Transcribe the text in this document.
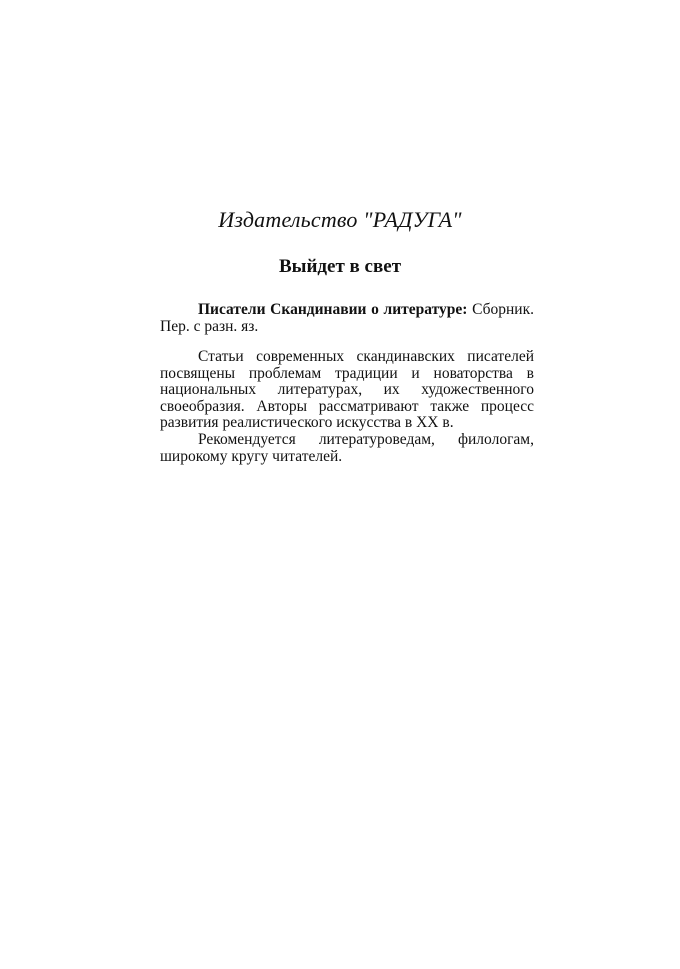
Издательство "РАДУГА"
Выйдет в свет

Писатели Скандинавии о литературе: Сборник. Пер. с разн. яз.

Статьи современных скандинавских писателей посвящены проблемам традиции и новаторства в национальных литературах, их художественного своеобразия. Авторы рассматривают также процесс развития реалистического искусства в XX в.

Рекомендуется литературоведам, филологам, широкому кругу читателей.
